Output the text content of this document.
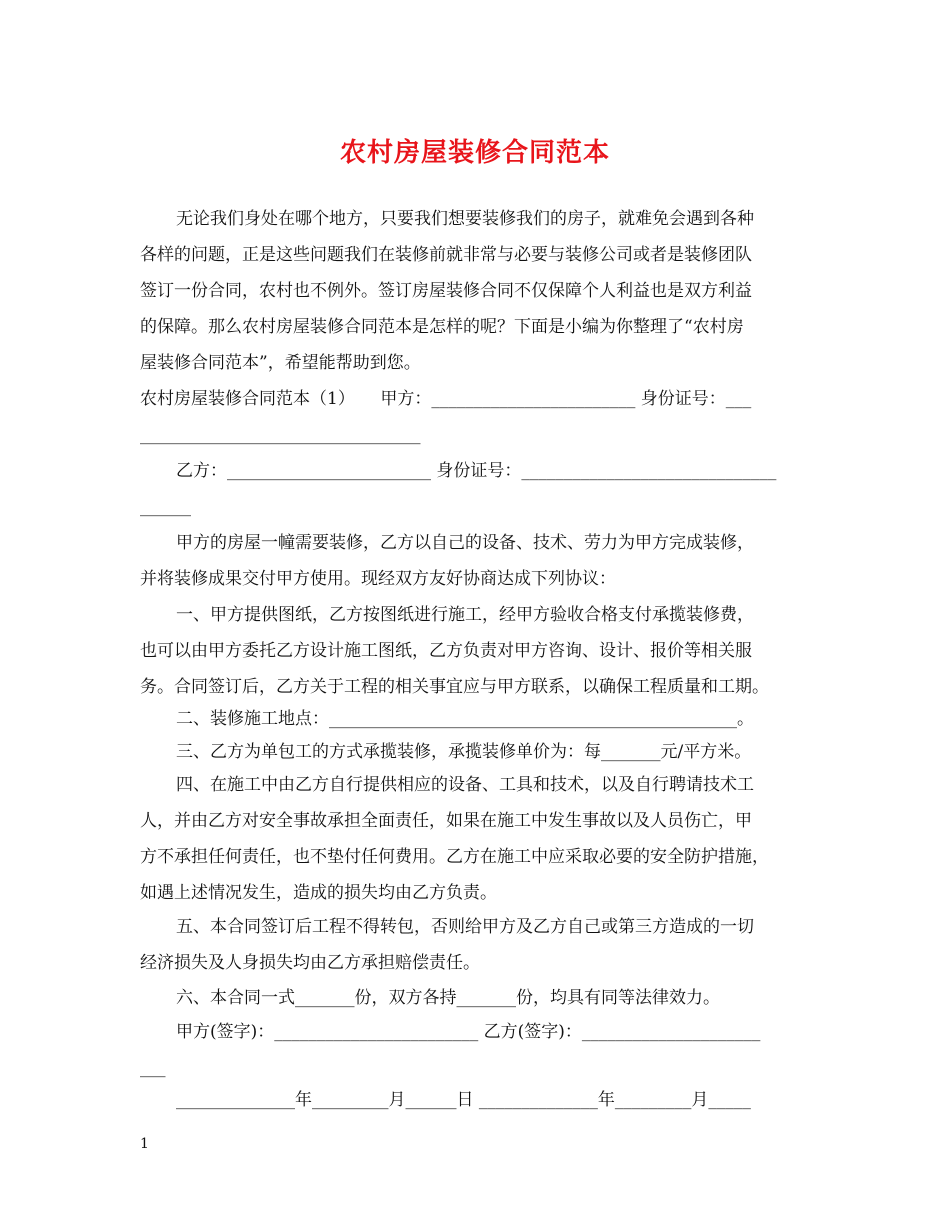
农村房屋装修合同范本
无论我们身处在哪个地方，只要我们想要装修我们的房子，就难免会遇到各种
各样的问题，正是这些问题我们在装修前就非常与必要与装修公司或者是装修团队
签订一份合同，农村也不例外。签订房屋装修合同不仅保障个人利益也是双方利益
的保障。那么农村房屋装修合同范本是怎样的呢？下面是小编为你整理了“农村房
屋装修合同范本”，希望能帮助到您。
农村房屋装修合同范本（1）　　甲方：________________________ 身份证号：___
_________________________________
乙方：________________________ 身份证号：______________________________
______
甲方的房屋一幢需要装修，乙方以自己的设备、技术、劳力为甲方完成装修，
并将装修成果交付甲方使用。现经双方友好协商达成下列协议：
一、甲方提供图纸，乙方按图纸进行施工，经甲方验收合格支付承揽装修费，
也可以由甲方委托乙方设计施工图纸，乙方负责对甲方咨询、设计、报价等相关服
务。合同签订后，乙方关于工程的相关事宜应与甲方联系，以确保工程质量和工期。
二、装修施工地点：________________________________________________。
三、乙方为单包工的方式承揽装修，承揽装修单价为：每_______元/平方米。
四、在施工中由乙方自行提供相应的设备、工具和技术，以及自行聘请技术工
人，并由乙方对安全事故承担全面责任，如果在施工中发生事故以及人员伤亡，甲
方不承担任何责任，也不垫付任何费用。乙方在施工中应采取必要的安全防护措施，
如遇上述情况发生，造成的损失均由乙方负责。
五、本合同签订后工程不得转包，否则给甲方及乙方自己或第三方造成的一切
经济损失及人身损失均由乙方承担赔偿责任。
六、本合同一式_______份，双方各持_______份，均具有同等法律效力。
甲方(签字)：________________________ 乙方(签字)：_____________________
___
______________年_________月______日 ______________年_________月_____
1
